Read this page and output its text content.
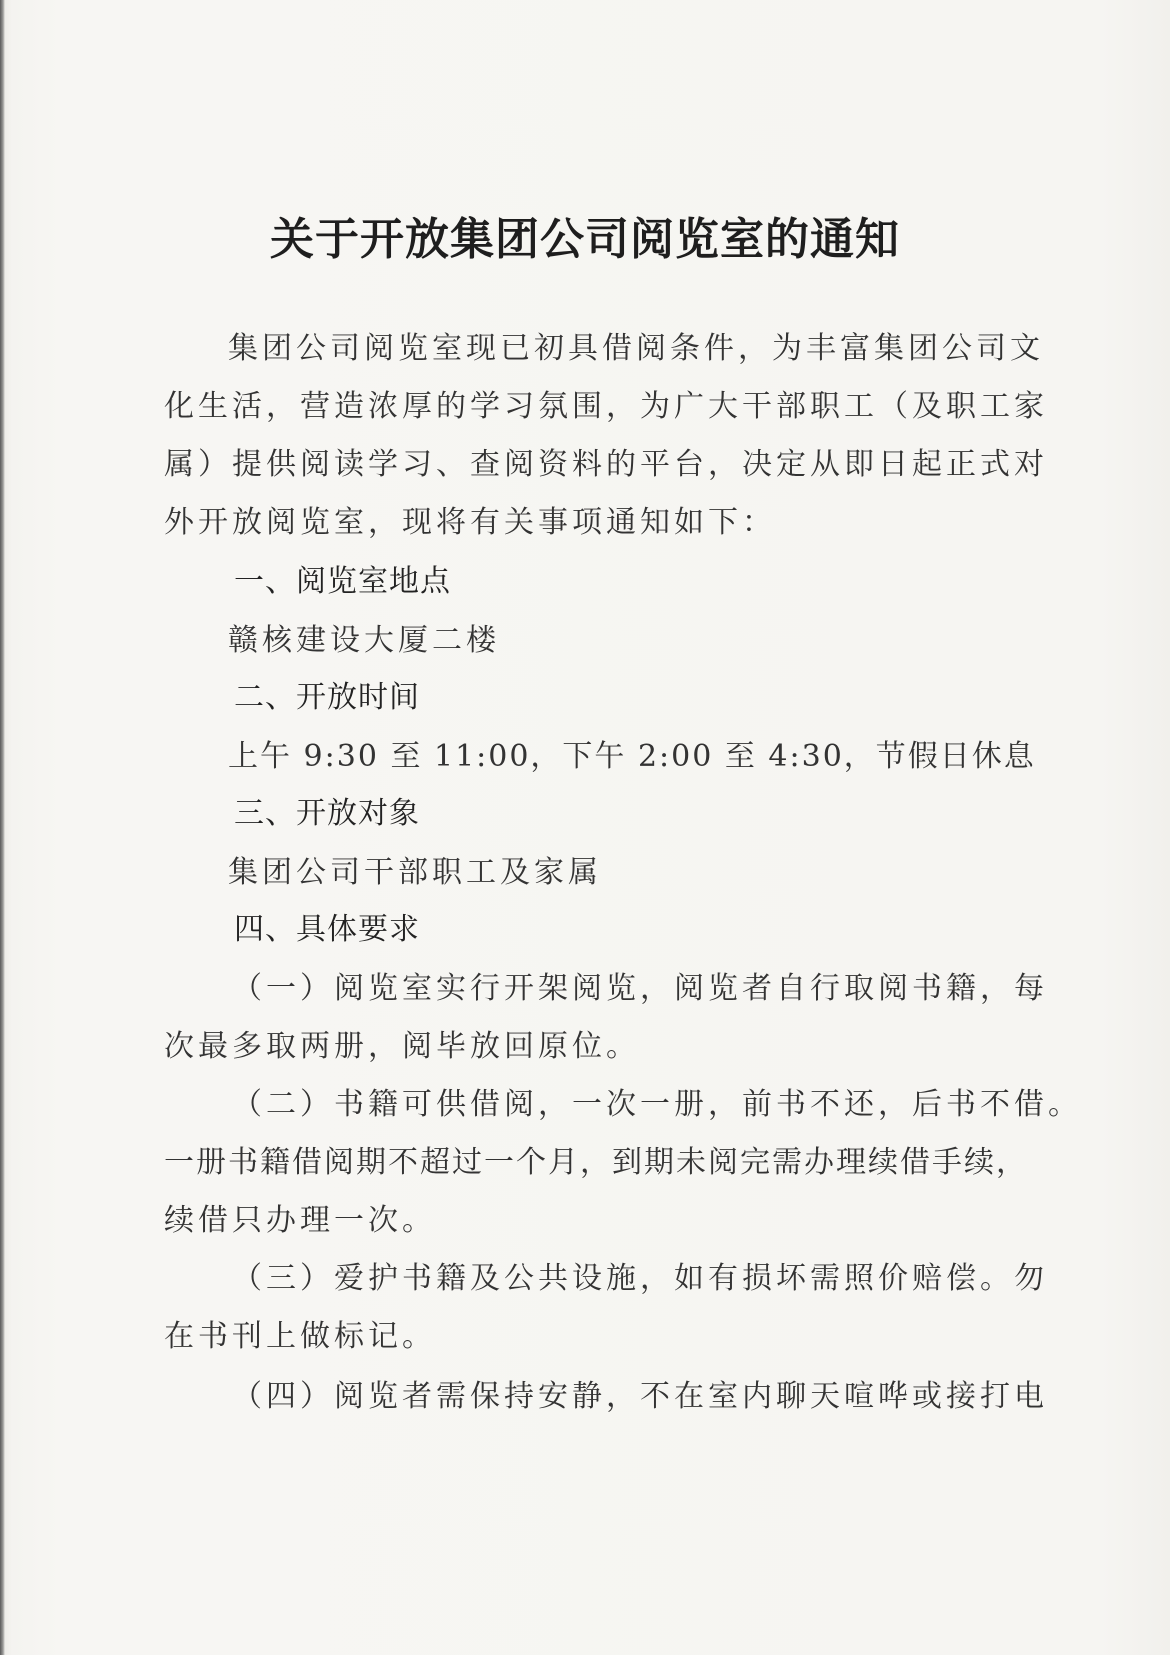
关于开放集团公司阅览室的通知
集团公司阅览室现已初具借阅条件，为丰富集团公司文
化生活，营造浓厚的学习氛围，为广大干部职工（及职工家
属）提供阅读学习、查阅资料的平台，决定从即日起正式对
外开放阅览室，现将有关事项通知如下：
一、阅览室地点
赣核建设大厦二楼
二、开放时间
上午 9:30 至 11:00，下午 2:00 至 4:30，节假日休息
三、开放对象
集团公司干部职工及家属
四、具体要求
（一）阅览室实行开架阅览，阅览者自行取阅书籍，每
次最多取两册，阅毕放回原位。
（二）书籍可供借阅，一次一册，前书不还，后书不借。
一册书籍借阅期不超过一个月，到期未阅完需办理续借手续，
续借只办理一次。
（三）爱护书籍及公共设施，如有损坏需照价赔偿。勿
在书刊上做标记。
（四）阅览者需保持安静，不在室内聊天喧哗或接打电
